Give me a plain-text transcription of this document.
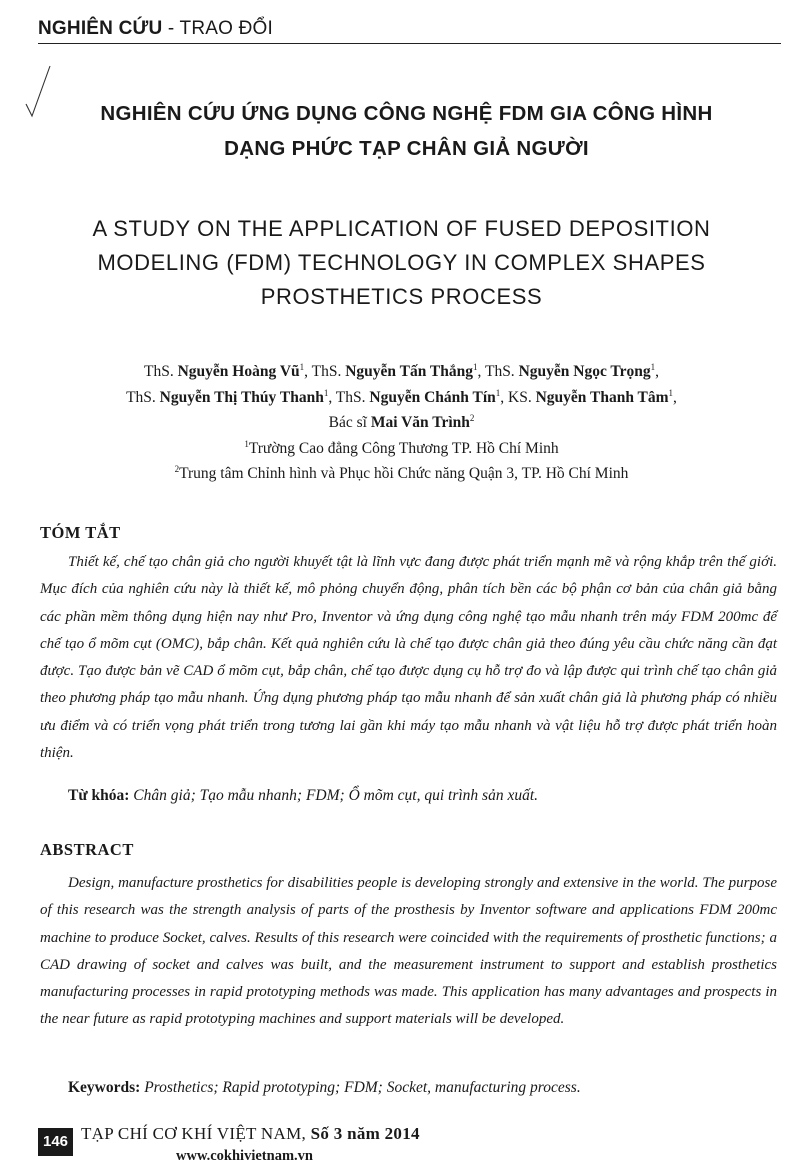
NGHIÊN CỨU - TRAO ĐỔI
NGHIÊN CỨU ỨNG DỤNG CÔNG NGHỆ FDM GIA CÔNG HÌNH
DẠNG PHỨC TẠP CHÂN GIẢ NGƯỜI
A STUDY ON THE APPLICATION OF FUSED DEPOSITION
MODELING (FDM) TECHNOLOGY IN COMPLEX SHAPES
PROSTHETICS PROCESS
ThS. Nguyễn Hoàng $Vũ^1$, ThS. Nguyễn Tấn Thắng$^1$, ThS. Nguyễn Ngọc Trọng$^1$,
ThS. Nguyễn Thị Thúy Thanh$^1$, ThS. Nguyễn Chánh Tín$^1$, KS. Nguyễn Thanh Tâm$^1$,
Bác sĩ Mai Văn Trình$^2$
$^1$Trường Cao đẳng Công Thương TP. Hồ Chí Minh
$^2$Trung tâm Chỉnh hình và Phục hồi Chức năng Quận 3, TP. Hồ Chí Minh
TÓM TẮT
Thiết kế, chế tạo chân giả cho người khuyết tật là lĩnh vực đang được phát triển mạnh mẽ và rộng khắp trên thế giới. Mục đích của nghiên cứu này là thiết kế, mô phỏng chuyển động, phân tích bền các bộ phận cơ bản của chân giả bằng các phần mềm thông dụng hiện nay như Pro, Inventor và ứng dụng công nghệ tạo mẫu nhanh trên máy FDM 200mc để chế tạo ổ mõm cụt (OMC), bắp chân. Kết quả nghiên cứu là chế tạo được chân giả theo đúng yêu cầu chức năng cần đạt được. Tạo được bản vẽ CAD ổ mõm cụt, bắp chân, chế tạo được dụng cụ hỗ trợ đo và lập được qui trình chế tạo chân giả theo phương pháp tạo mẫu nhanh. Ứng dụng phương pháp tạo mẫu nhanh để sản xuất chân giả là phương pháp có nhiều ưu điểm và có triển vọng phát triển trong tương lai gần khi máy tạo mẫu nhanh và vật liệu hỗ trợ được phát triển hoàn thiện.
Từ khóa: Chân giả; Tạo mẫu nhanh; FDM; Ổ mõm cụt, qui trình sản xuất.
ABSTRACT
Design, manufacture prosthetics for disabilities people is developing strongly and extensive in the world. The purpose of this research was the strength analysis of parts of the prosthesis by Inventor software and applications FDM 200mc machine to produce Socket, calves. Results of this research were coincided with the requirements of prosthetic functions; a CAD drawing of socket and calves was built, and the measurement instrument to support and establish prosthetics manufacturing processes in rapid prototyping methods was made. This application has many advantages and prospects in the near future as rapid prototyping machines and support materials will be developed.
Keywords: Prosthetics; Rapid prototyping; FDM; Socket, manufacturing process.
146 TẠP CHÍ CƠ KHÍ VIỆT NAM, Số 3 năm 2014
www.cokhivietnam.vn
